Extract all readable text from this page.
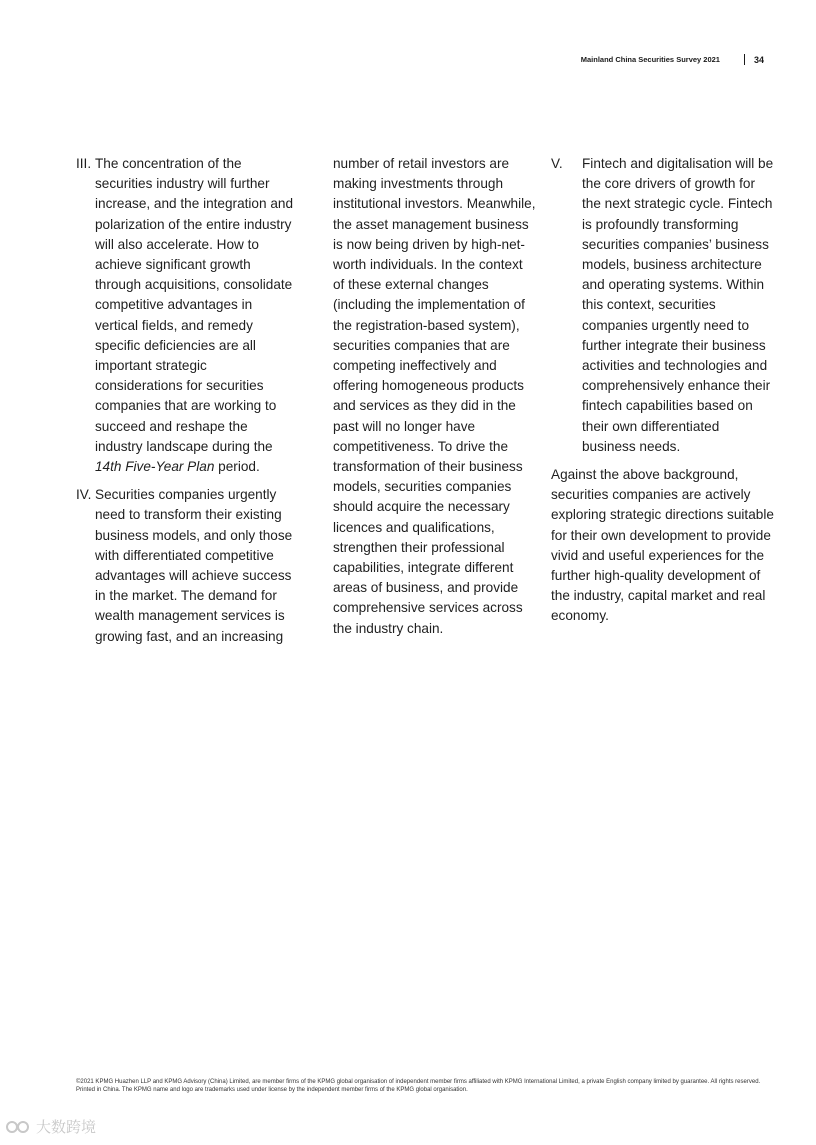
Mainland China Securities Survey 2021	34
III. The concentration of the securities industry will further increase, and the integration and polarization of the entire industry will also accelerate. How to achieve significant growth through acquisitions, consolidate competitive advantages in vertical fields, and remedy specific deficiencies are all important strategic considerations for securities companies that are working to succeed and reshape the industry landscape during the 14th Five-Year Plan period.

IV. Securities companies urgently need to transform their existing business models, and only those with differentiated competitive advantages will achieve success in the market. The demand for wealth management services is growing fast, and an increasing

number of retail investors are making investments through institutional investors. Meanwhile, the asset management business is now being driven by high-net-worth individuals. In the context of these external changes (including the implementation of the registration-based system), securities companies that are competing ineffectively and offering homogeneous products and services as they did in the past will no longer have competitiveness. To drive the transformation of their business models, securities companies should acquire the necessary licences and qualifications, strengthen their professional capabilities, integrate different areas of business, and provide comprehensive services across the industry chain.

V.	Fintech and digitalisation will be the core drivers of growth for the next strategic cycle. Fintech is profoundly transforming securities companies’ business models, business architecture and operating systems. Within this context, securities companies urgently need to further integrate their business activities and technologies and comprehensively enhance their fintech capabilities based on their own differentiated business needs.

Against the above background, securities companies are actively exploring strategic directions suitable for their own development to provide vivid and useful experiences for the further high-quality development of the industry, capital market and real economy.

©2021 KPMG Huazhen LLP and KPMG Advisory (China) Limited, are member firms of the KPMG global organisation of independent member firms affiliated with KPMG International Limited, a private English company limited by guarantee. All rights reserved. Printed in China. The KPMG name and logo are trademarks used under license by the independent member firms of the KPMG global organisation.
大数跨境
